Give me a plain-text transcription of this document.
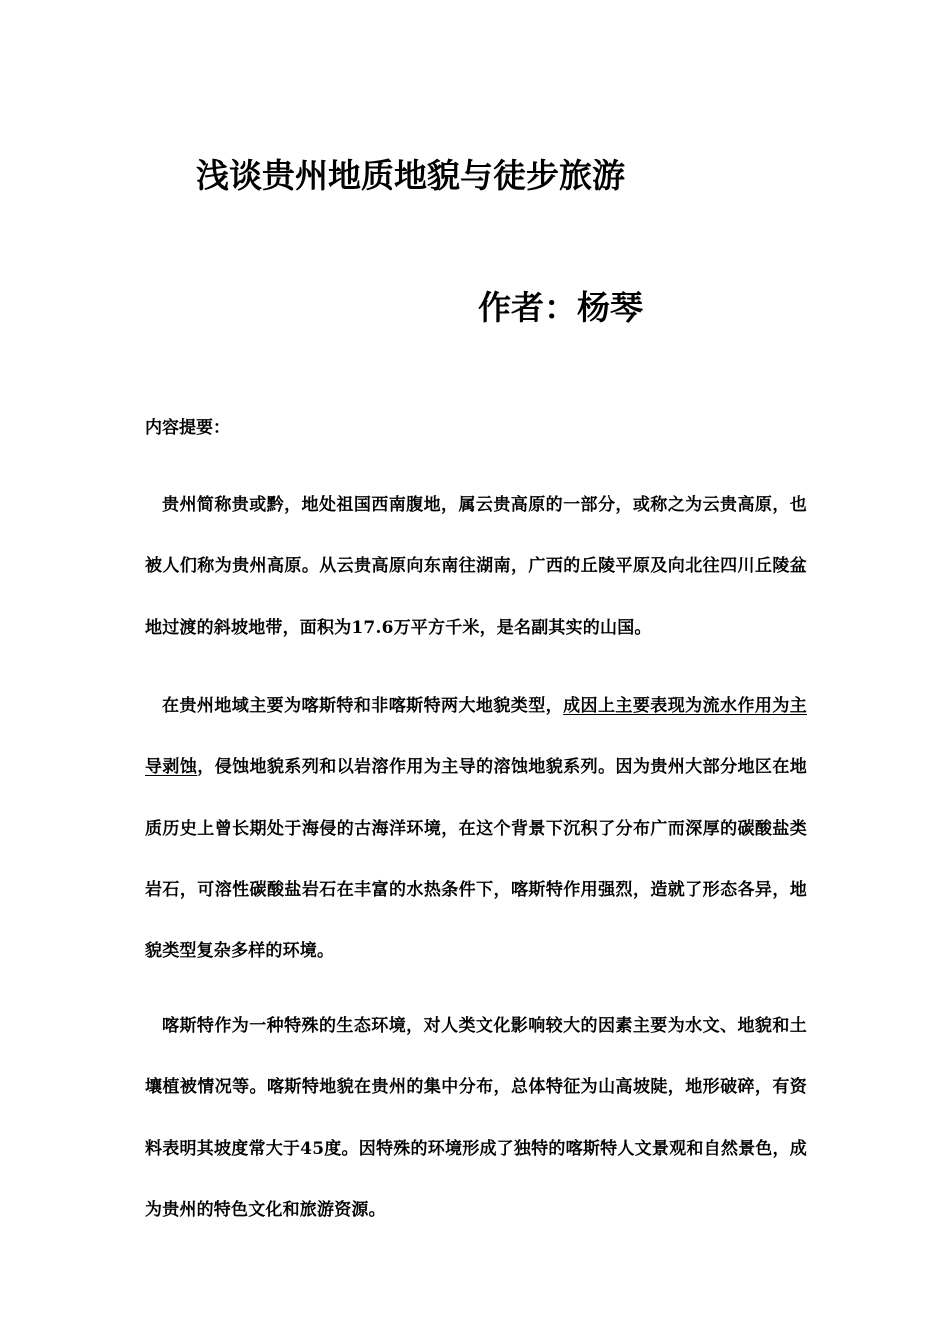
浅谈贵州地质地貌与徒步旅游
作者：杨琴

内容提要：

贵州简称贵或黔，地处祖国西南腹地，属云贵高原的一部分，或称之为云贵高原，也被人们称为贵州高原。从云贵高原向东南往湖南，广西的丘陵平原及向北往四川丘陵盆地过渡的斜坡地带，面积为17.6万平方千米，是名副其实的山国。

在贵州地域主要为喀斯特和非喀斯特两大地貌类型，成因上主要表现为流水作用为主导剥蚀，侵蚀地貌系列和以岩溶作用为主导的溶蚀地貌系列。因为贵州大部分地区在地质历史上曾长期处于海侵的古海洋环境，在这个背景下沉积了分布广而深厚的碳酸盐类岩石，可溶性碳酸盐岩石在丰富的水热条件下，喀斯特作用强烈，造就了形态各异，地貌类型复杂多样的环境。

喀斯特作为一种特殊的生态环境，对人类文化影响较大的因素主要为水文、地貌和土壤植被情况等。喀斯特地貌在贵州的集中分布，总体特征为山高坡陡，地形破碎，有资料表明其坡度常大于45度。因特殊的环境形成了独特的喀斯特人文景观和自然景色，成为贵州的特色文化和旅游资源。
